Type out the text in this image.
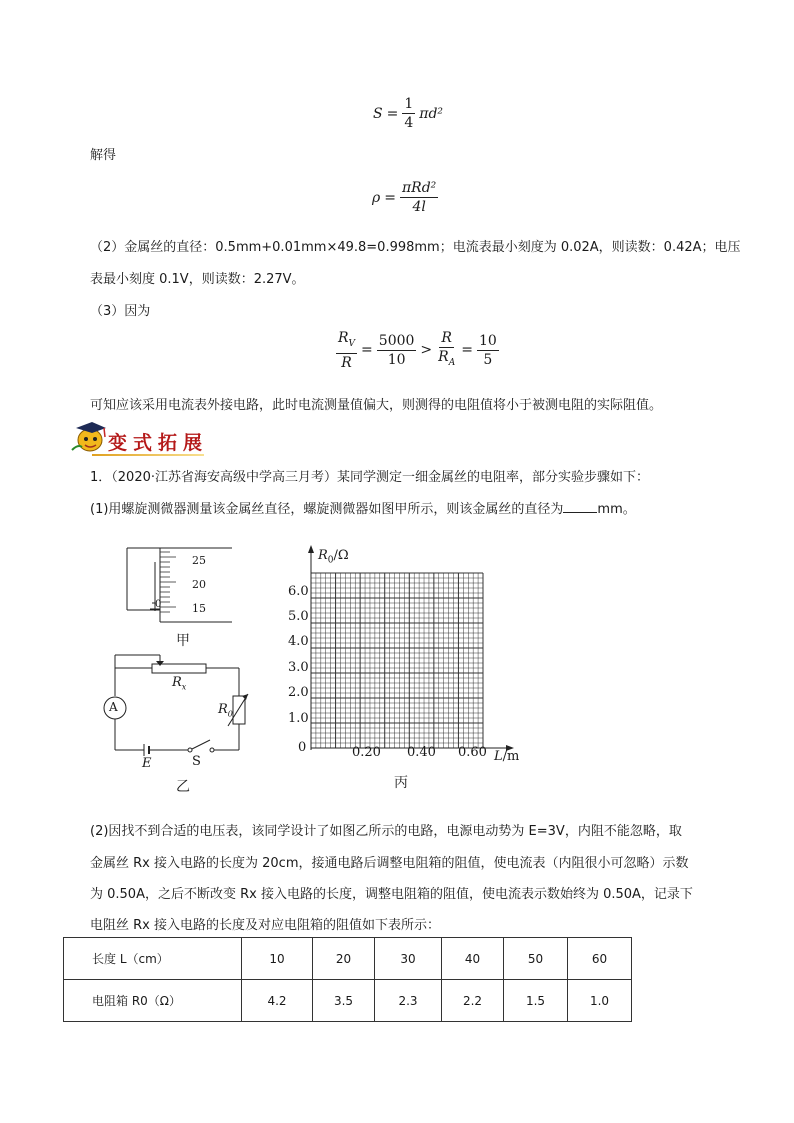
$S = \frac{1}{4} \pi d^2$
解得
$\rho = \frac{\text{πRd²}}{4l}$
（2）金属丝的直径：0.5mm+0.01mm×49.8=0.998mm；电流表最小刻度为 0.02A，则读数：0.42A；电压
表最小刻度 0.1V，则读数：2.27V。
（3）因为
$\frac{R_V}{R} = \frac{5000}{10} > \frac{R}{R_A} = \frac{10}{5}$
可知应该采用电流表外接电路，此时电流测量值偏大，则测得的电阻值将小于被测电阻的实际阻值。
变式拓展
1．（2020·江苏省海安高级中学高三月考）某同学测定一细金属丝的电阻率，部分实验步骤如下：
(1)用螺旋测微器测量该金属丝直径，螺旋测微器如图甲所示，则该金属丝的直径为	mm。
25
20
15
0
甲
A
$R_x$
$R_0$
E	S
乙
$R_0/\Omega$
6.0
5.0
4.0
3.0
2.0
1.0
0	0.20 0.40 0.60 L/m
丙
(2)因找不到合适的电压表，该同学设计了如图乙所示的电路，电源电动势为 E=3V，内阻不能忽略，取
金属丝 Rx 接入电路的长度为 20cm，接通电路后调整电阻箱的阻值，使电流表（内阻很小可忽略）示数
为 0.50A，之后不断改变 Rx 接入电路的长度，调整电阻箱的阻值，使电流表示数始终为 0.50A，记录下
电阻丝 Rx 接入电路的长度及对应电阻箱的阻值如下表所示：
长度 L（cm）	10	20	30	40	50	60
电阻箱 R0（Ω）	4.2	3.5	2.3	2.2	1.5	1.0
